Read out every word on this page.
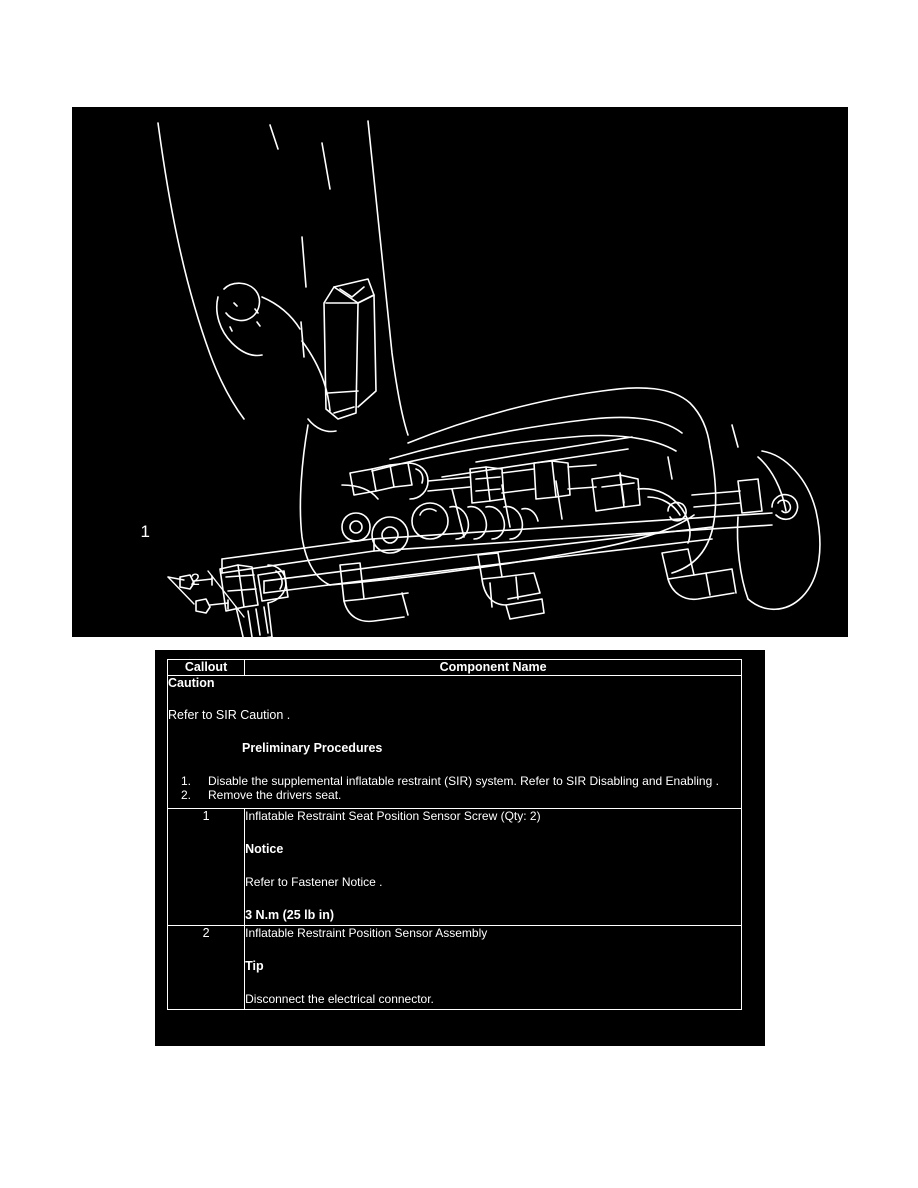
1
2
Callout	Component Name

Caution

Refer to SIR Caution .

Preliminary Procedures

1.	Disable the supplemental inflatable restraint (SIR) system. Refer to SIR Disabling and Enabling .
2.	Remove the drivers seat.

1	Inflatable Restraint Seat Position Sensor Screw (Qty: 2)

Notice

Refer to Fastener Notice .

3 N.m (25 lb in)

2	Inflatable Restraint Position Sensor Assembly

Tip

Disconnect the electrical connector.
